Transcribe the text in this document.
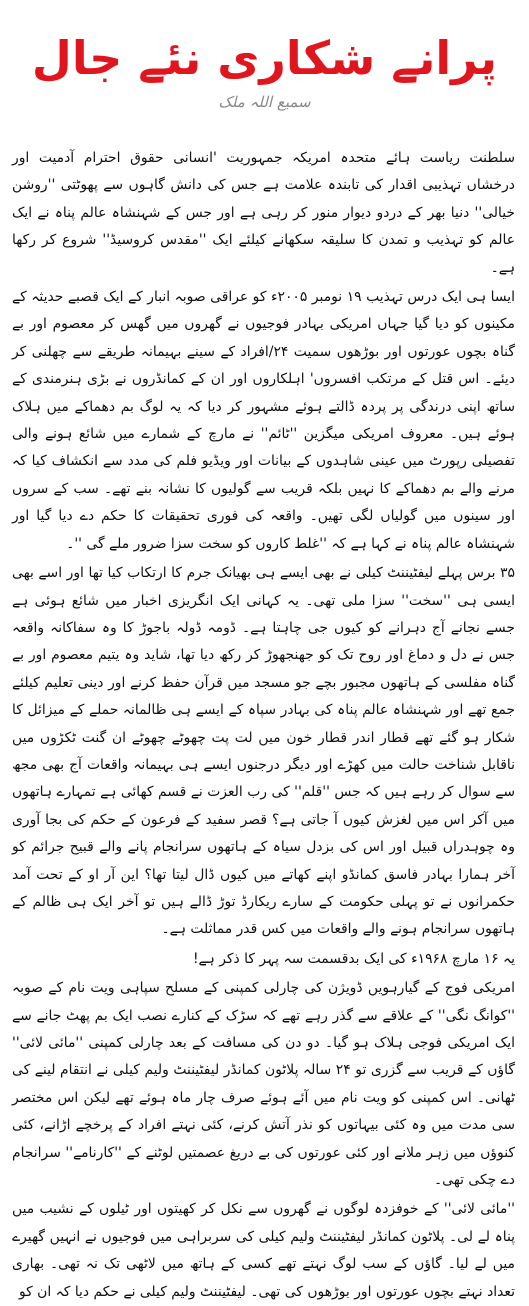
پرانے شکاری نئے جال
سمیع اللہ ملک

سلطنت ریاست ہائے متحدہ امریکہ جمہوریت 'انسانی حقوق احترام آدمیت اور درخشاں تہذیبی اقدار کی تابندہ علامت ہے جس کی دانش گاہوں سے پھوٹتی ''روشن خیالی'' دنیا بھر کے دردو دیوار منور کر رہی ہے اور جس کے شہنشاہ عالم پناہ نے ایک عالم کو تہذیب و تمدن کا سلیقہ سکھانے کیلئے ایک ''مقدس کروسیڈ'' شروع کر رکھا ہے۔

ایسا ہی ایک درس تہذیب ۱۹ نومبر ۲۰۰۵ء کو عراقی صوبہ انبار کے ایک قصبے حدیثہ کے مکینوں کو دیا گیا جہاں امریکی بہادر فوجیوں نے گھروں میں گھس کر معصوم اور بے گناہ بچوں عورتوں اور بوڑھوں سمیت ۲۴/افراد کے سینے بہیمانہ طریقے سے چھلنی کر دیئے۔ اس قتل کے مرتکب افسروں' اہلکاروں اور ان کے کمانڈروں نے بڑی ہنرمندی کے ساتھ اپنی درندگی پر پردہ ڈالتے ہوئے مشہور کر دیا کہ یہ لوگ بم دھماکے میں ہلاک ہوئے ہیں۔ معروف امریکی میگزین ''ٹائم'' نے مارچ کے شمارے میں شائع ہونے والی تفصیلی رپورٹ میں عینی شاہدوں کے بیانات اور ویڈیو فلم کی مدد سے انکشاف کیا کہ مرنے والے بم دھماکے کا نہیں بلکہ قریب سے گولیوں کا نشانہ بنے تھے۔ سب کے سروں اور سینوں میں گولیاں لگی تھیں۔ واقعہ کی فوری تحقیقات کا حکم دے دیا گیا اور شہنشاہ عالم پناہ نے کہا ہے کہ ''غلط کاروں کو سخت سزا ضرور ملے گی ''۔

۳۵ برس پہلے لیفٹیننٹ کیلی نے بھی ایسے ہی بھیانک جرم کا ارتکاب کیا تھا اور اسے بھی ایسی ہی ''سخت'' سزا ملی تھی۔ یہ کہانی ایک انگریزی اخبار میں شائع ہوئی ہے جسے نجانے آج دہرانے کو کیوں جی چاہتا ہے۔ ڈومہ ڈولہ باجوڑ کا وہ سفاکانہ واقعہ جس نے دل و دماغ اور روح تک کو جھنجھوڑ کر رکھ دیا تھا، شاید وہ یتیم معصوم اور بے گناہ مفلسی کے ہاتھوں مجبور بچے جو مسجد میں قرآن حفظ کرنے اور دینی تعلیم کیلئے جمع تھے اور شہنشاہ عالم پناہ کی بہادر سپاہ کے ایسے ہی ظالمانہ حملے کے میزائل کا شکار ہو گئے تھے قطار اندر قطار خون میں لت پت چھوٹے چھوٹے ان گنت ٹکڑوں میں ناقابل شناخت حالت میں کھڑے اور دیگر درجنوں ایسے ہی بہیمانہ واقعات آج بھی مجھ سے سوال کر رہے ہیں کہ جس ''قلم'' کی رب العزت نے قسم کھائی ہے تمہارے ہاتھوں میں آکر اس میں لغزش کیوں آ جاتی ہے؟ قصر سفید کے فرعون کے حکم کی بجا آوری وہ چوہدراں قبیل اور اس کی بزدل سیاہ کے ہاتھوں سرانجام پانے والے قبیح جرائم کو آخر ہمارا بہادر فاسق کمانڈو اپنے کھاتے میں کیوں ڈال لیتا تھا؟ این آر او کے تحت آمد حکمرانوں نے تو پہلی حکومت کے سارے ریکارڈ توڑ ڈالے ہیں تو آخر ایک ہی ظالم کے ہاتھوں سرانجام ہونے والے واقعات میں کس قدر مماثلت ہے۔

یہ ۱۶ مارچ ۱۹۶۸ء کی ایک بدقسمت سہ پہر کا ذکر ہے!

امریکی فوج کے گیارہویں ڈویژن کی چارلی کمپنی کے مسلح سپاہی ویت نام کے صوبہ ''کوانگ نگی'' کے علاقے سے گذر رہے تھے کہ سڑک کے کنارے نصب ایک بم پھٹ جانے سے ایک امریکی فوجی ہلاک ہو گیا۔ دو دن کی مسافت کے بعد چارلی کمپنی ''مائی لائی'' گاؤں کے قریب سے گزری تو ۲۴ سالہ پلاٹون کمانڈر لیفٹیننٹ ولیم کیلی نے انتقام لینے کی ٹھانی۔ اس کمپنی کو ویت نام میں آئے ہوئے صرف چار ماہ ہوئے تھے لیکن اس مختصر سی مدت میں وہ کئی بیہاتوں کو نذر آتش کرنے، کئی نہتے افراد کے پرخچے اڑانے، کئی کنوؤں میں زہر ملانے اور کئی عورتوں کی بے دریغ عصمتیں لوٹنے کے ''کارنامے'' سرانجام دے چکی تھی۔

''مائی لائی'' کے خوفزدہ لوگوں نے گھروں سے نکل کر کھیتوں اور ٹیلوں کے نشیب میں پناہ لے لی۔ پلاٹون کمانڈر لیفٹیننٹ ولیم کیلی کی سربراہی میں فوجیوں نے انہیں گھیرے میں لے لیا۔ گاؤں کے سب لوگ نہتے تھے کسی کے ہاتھ میں لاٹھی تک نہ تھی۔ بھاری تعداد نہتے بچوں عورتوں اور بوڑھوں کی تھی۔ لیفٹیننٹ ولیم کیلی نے حکم دیا کہ ان کو
